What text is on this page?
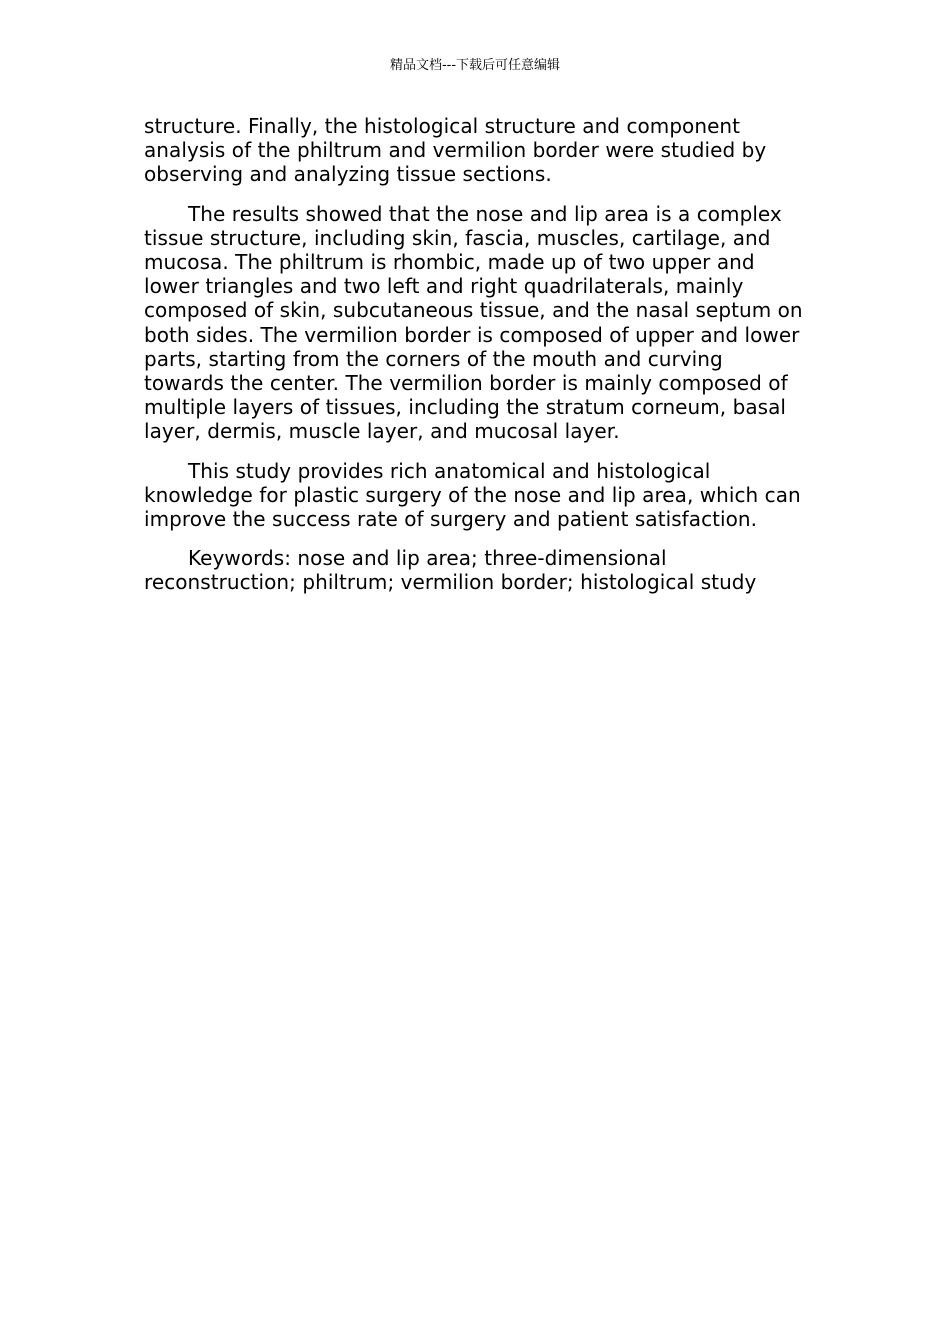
精品文档---下载后可任意编辑

structure. Finally, the histological structure and component analysis of the philtrum and vermilion border were studied by observing and analyzing tissue sections.

The results showed that the nose and lip area is a complex tissue structure, including skin, fascia, muscles, cartilage, and mucosa. The philtrum is rhombic, made up of two upper and lower triangles and two left and right quadrilaterals, mainly composed of skin, subcutaneous tissue, and the nasal septum on both sides. The vermilion border is composed of upper and lower parts, starting from the corners of the mouth and curving towards the center. The vermilion border is mainly composed of multiple layers of tissues, including the stratum corneum, basal layer, dermis, muscle layer, and mucosal layer.

This study provides rich anatomical and histological knowledge for plastic surgery of the nose and lip area, which can improve the success rate of surgery and patient satisfaction.

Keywords: nose and lip area; three-dimensional reconstruction; philtrum; vermilion border; histological study
